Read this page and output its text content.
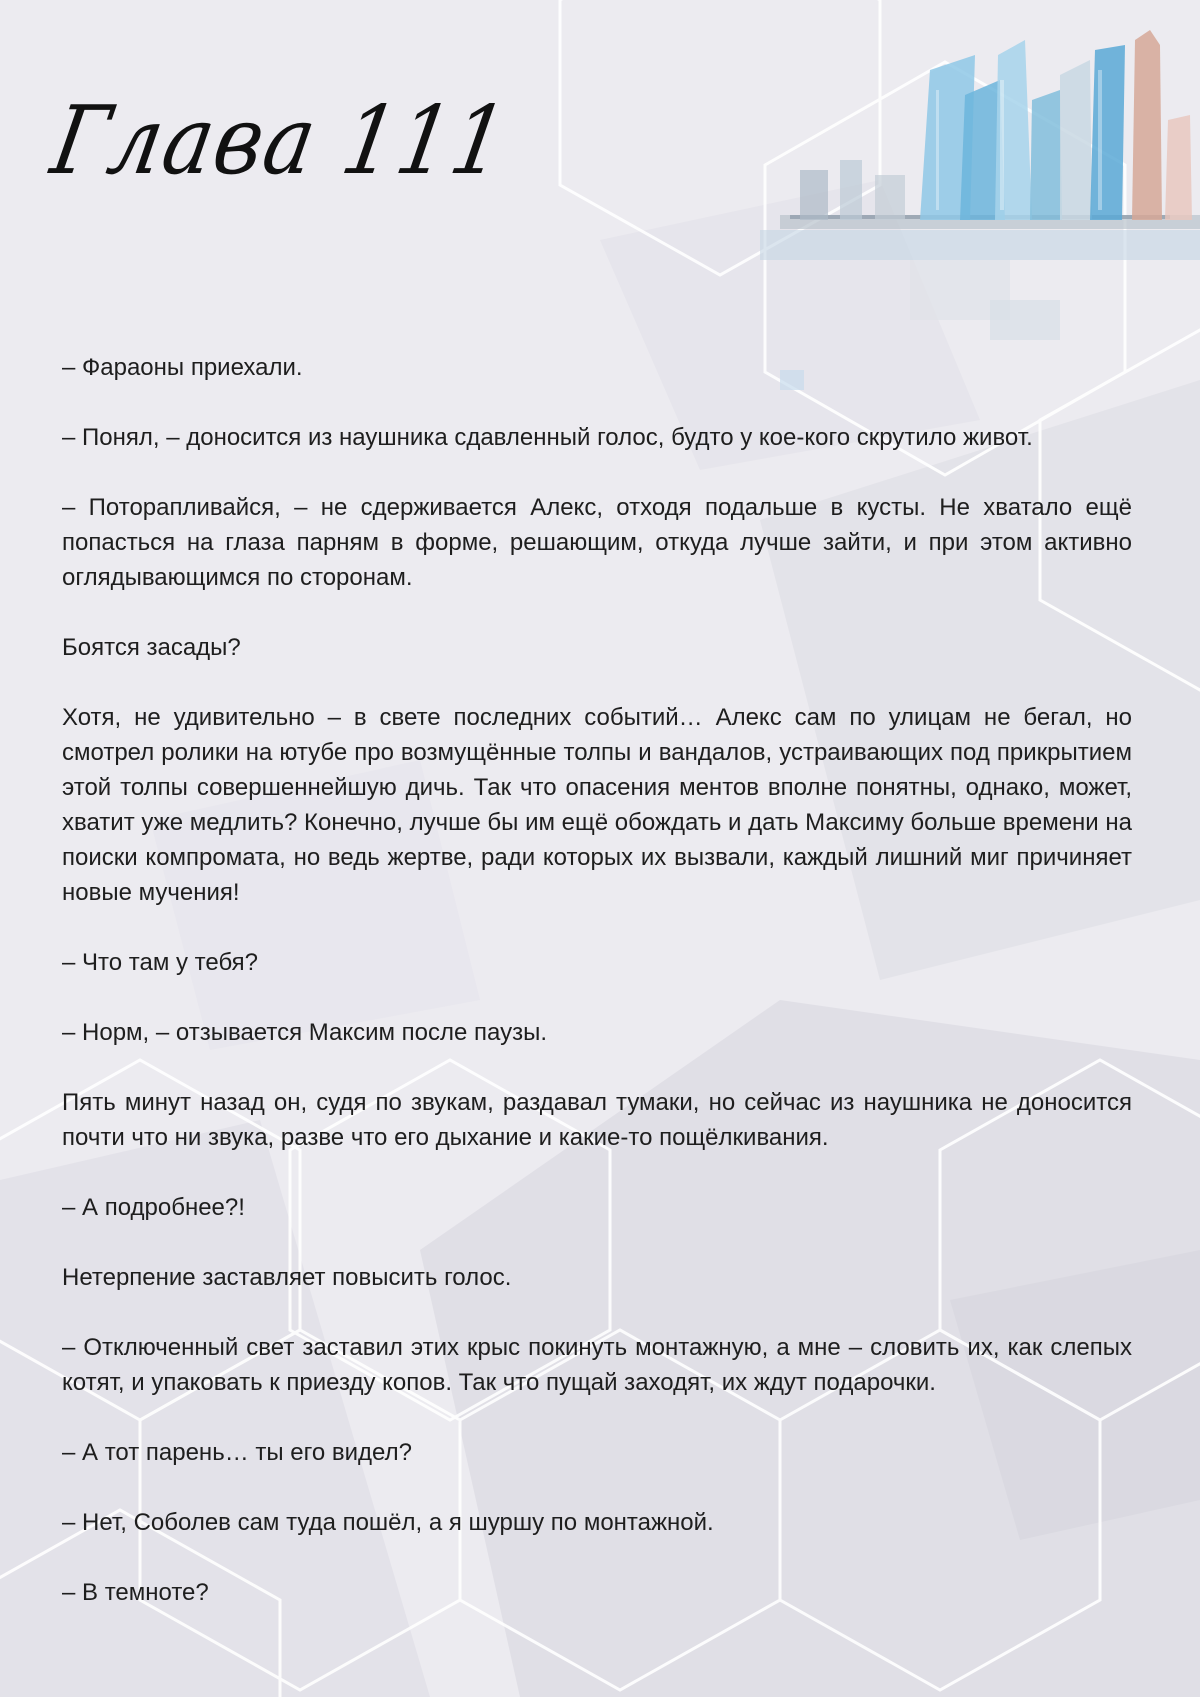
Глава 111

– Фараоны приехали.

– Понял, – доносится из наушника сдавленный голос, будто у кое-кого скрутило живот.

– Поторапливайся, – не сдерживается Алекс, отходя подальше в кусты. Не хватало ещё попасться на глаза парням в форме, решающим, откуда лучше зайти, и при этом активно оглядывающимся по сторонам.

Боятся засады?

Хотя, не удивительно – в свете последних событий… Алекс сам по улицам не бегал, но смотрел ролики на ютубе про возмущённые толпы и вандалов, устраивающих под прикрытием этой толпы совершеннейшую дичь. Так что опасения ментов вполне понятны, однако, может, хватит уже медлить? Конечно, лучше бы им ещё обождать и дать Максиму больше времени на поиски компромата, но ведь жертве, ради которых их вызвали, каждый лишний миг причиняет новые мучения!

– Что там у тебя?

– Норм, – отзывается Максим после паузы.

Пять минут назад он, судя по звукам, раздавал тумаки, но сейчас из наушника не доносится почти что ни звука, разве что его дыхание и какие-то пощёлкивания.

– А подробнее?!

Нетерпение заставляет повысить голос.

– Отключенный свет заставил этих крыс покинуть монтажную, а мне – словить их, как слепых котят, и упаковать к приезду копов. Так что пущай заходят, их ждут подарочки.

– А тот парень… ты его видел?

– Нет, Соболев сам туда пошёл, а я шуршу по монтажной.

– В темноте?
